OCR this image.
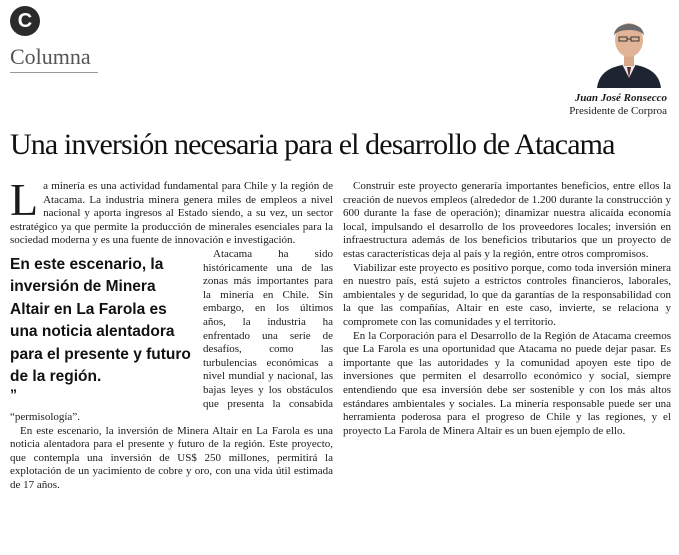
C
Columna
Juan José Ronsecco
Presidente de Corproa
Una inversión necesaria para el desarrollo de Atacama
L a minería es una actividad fundamental para Chile y la región de Atacama. La industria minera genera miles de empleos a nivel nacional y aporta ingresos al Estado siendo, a su vez, un sector estratégico ya que permite la producción de minerales esenciales para la sociedad moderna y es una fuente de innovación e investigación.

En este escenario, la inversión de Minera Altair en La Farola es una noticia alentadora para el presente y futuro de la región.
”

Atacama ha sido históricamente una de las zonas más importantes para la minería en Chile. Sin embargo, en los últimos años, la industria ha enfrentado una serie de desafíos, como las turbulencias económicas a nivel mundial y nacional, las bajas leyes y los obstáculos que presenta la consabida “permisología”.

En este escenario, la inversión de Minera Altair en La Farola es una noticia alentadora para el presente y futuro de la región. Este proyecto, que contempla una inversión de US$ 250 millones, permitirá la explotación de un yacimiento de cobre y oro, con una vida útil estimada de 17 años.

Construir este proyecto generaría importantes beneficios, entre ellos la creación de nuevos empleos (alrededor de 1.200 durante la construcción y 600 durante la fase de operación); dinamizar nuestra alicaída economía local, impulsando el desarrollo de los proveedores locales; inversión en infraestructura además de los beneficios tributarios que un proyecto de estas características deja al país y la región, entre otros compromisos.

Viabilizar este proyecto es positivo porque, como toda inversión minera en nuestro país, está sujeto a estrictos controles financieros, laborales, ambientales y de seguridad, lo que da garantías de la responsabilidad con la que las compañías, Altair en este caso, invierte, se relaciona y compromete con las comunidades y el territorio.

En la Corporación para el Desarrollo de la Región de Atacama creemos que La Farola es una oportunidad que Atacama no puede dejar pasar. Es importante que las autoridades y la comunidad apoyen este tipo de inversiones que permiten el desarrollo económico y social, siempre entendiendo que esa inversión debe ser sostenible y con los más altos estándares ambientales y sociales. La minería responsable puede ser una herramienta poderosa para el progreso de Chile y las regiones, y el proyecto La Farola de Minera Altair es un buen ejemplo de ello.
